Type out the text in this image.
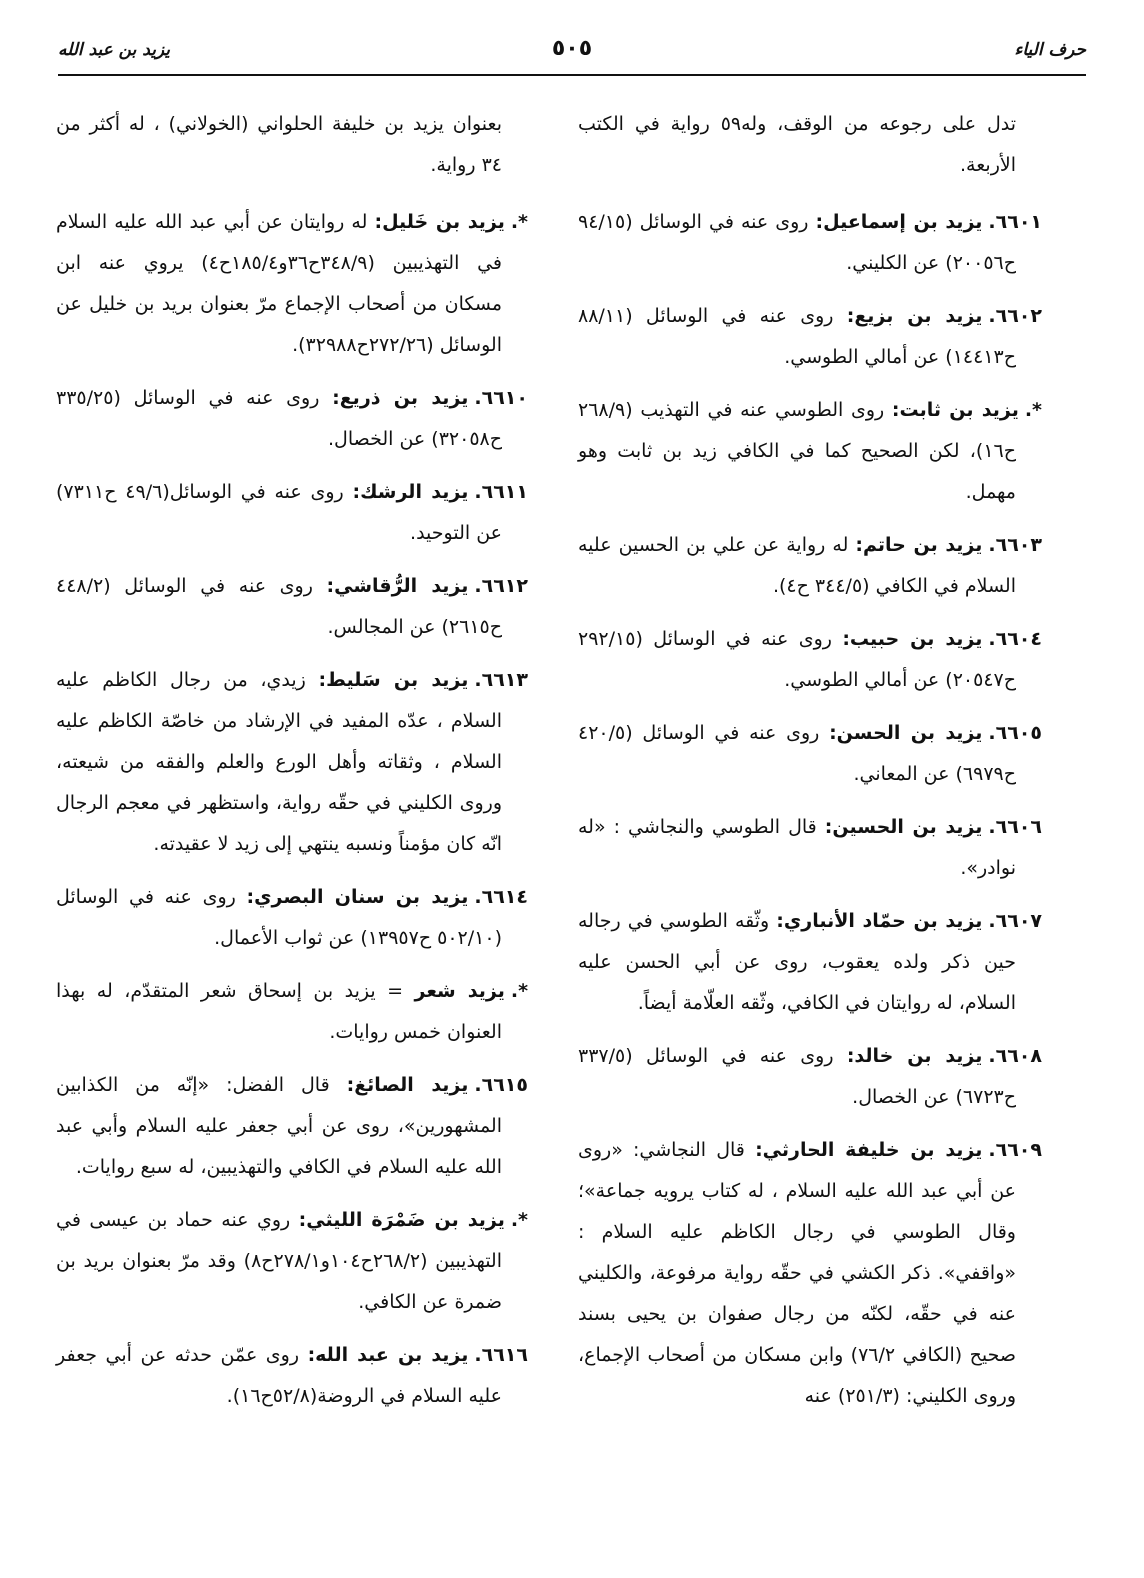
حرف الياء
٥٠٥
يزيد بن عبد الله

تدل على رجوعه من الوقف، وله٥٩ رواية في الكتب الأربعة.

٦٦٠١.يزيد بن إسماعيل: روى عنه في الوسائل (٩٤/١٥ ح٢٠٠٥٦) عن الكليني.

٦٦٠٢.يزيد بن بزيع: روى عنه في الوسائل (٨٨/١١ ح١٤٤١٣) عن أمالي الطوسي.

*.يزيد بن ثابت: روى الطوسي عنه في التهذيب (٢٦٨/٩ ح١٦)، لكن الصحيح كما في الكافي زيد بن ثابت وهو مهمل.

٦٦٠٣.يزيد بن حاتم: له رواية عن علي بن الحسين عليه السلام في الكافي (٣٤٤/٥ ح٤).

٦٦٠٤.يزيد بن حبيب: روى عنه في الوسائل (٢٩٢/١٥ ح٢٠٥٤٧) عن أمالي الطوسي.

٦٦٠٥.يزيد بن الحسن: روى عنه في الوسائل (٤٢٠/٥ ح٦٩٧٩) عن المعاني.

٦٦٠٦.يزيد بن الحسين: قال الطوسي والنجاشي : «له نوادر».

٦٦٠٧.يزيد بن حمّاد الأنباري: وثّقه الطوسي في رجاله حين ذكر ولده يعقوب، روى عن أبي الحسن عليه السلام، له روايتان في الكافي، وثّقه العلّامة أيضاً.

٦٦٠٨.يزيد بن خالد: روى عنه في الوسائل (٣٣٧/٥ ح٦٧٢٣) عن الخصال.

٦٦٠٩.يزيد بن خليفة الحارثي: قال النجاشي: «روى عن أبي عبد الله عليه السلام ، له كتاب يرويه جماعة»؛ وقال الطوسي في رجال الكاظم عليه السلام : «واقفي». ذكر الكشي في حقّه رواية مرفوعة، والكليني عنه في حقّه، لكنّه من رجال صفوان بن يحيى بسند صحيح (الكافي ٧٦/٢) وابن مسكان من أصحاب الإجماع، وروى الكليني: (٢٥١/٣) عنه

بعنوان يزيد بن خليفة الحلواني (الخولاني) ، له أكثر من ٣٤ رواية.

*.يزيد بن خَليل: له روايتان عن أبي عبد الله عليه السلام في التهذيبين (٣٤٨/٩ح٣٦و١٨٥/٤ح٤) يروي عنه ابن مسكان من أصحاب الإجماع مرّ بعنوان بريد بن خليل عن الوسائل (٢٧٢/٢٦ح٣٢٩٨٨).

٦٦١٠.يزيد بن ذريع: روى عنه في الوسائل (٣٣٥/٢٥ ح٣٢٠٥٨) عن الخصال.

٦٦١١.يزيد الرشك: روى عنه في الوسائل(٤٩/٦ ح٧٣١١) عن التوحيد.

٦٦١٢.يزيد الرُّقاشي: روى عنه في الوسائل (٤٤٨/٢ ح٢٦١٥) عن المجالس.

٦٦١٣.يزيد بن سَليط: زيدي، من رجال الكاظم عليه السلام ، عدّه المفيد في الإرشاد من خاصّة الكاظم عليه السلام ، وثقاته وأهل الورع والعلم والفقه من شيعته، وروى الكليني في حقّه رواية، واستظهر في معجم الرجال انّه كان مؤمناً ونسبه ينتهي إلى زيد لا عقيدته.

٦٦١٤.يزيد بن سنان البصري: روى عنه في الوسائل (٥٠٢/١٠ ح١٣٩٥٧) عن ثواب الأعمال.

*.يزيد شعر = يزيد بن إسحاق شعر المتقدّم، له بهذا العنوان خمس روايات.

٦٦١٥.يزيد الصائغ: قال الفضل: «إنّه من الكذابين المشهورين»، روى عن أبي جعفر عليه السلام وأبي عبد الله عليه السلام في الكافي والتهذيبين، له سبع روايات.

*.يزيد بن ضَمْرَة الليثي: روي عنه حماد بن عيسى في التهذيبين (٢٦٨/٢ح١٠٤و٢٧٨/١ح٨) وقد مرّ بعنوان بريد بن ضمرة عن الكافي.

٦٦١٦.يزيد بن عبد الله: روى عمّن حدثه عن أبي جعفر عليه السلام في الروضة(٥٢/٨ح١٦).
